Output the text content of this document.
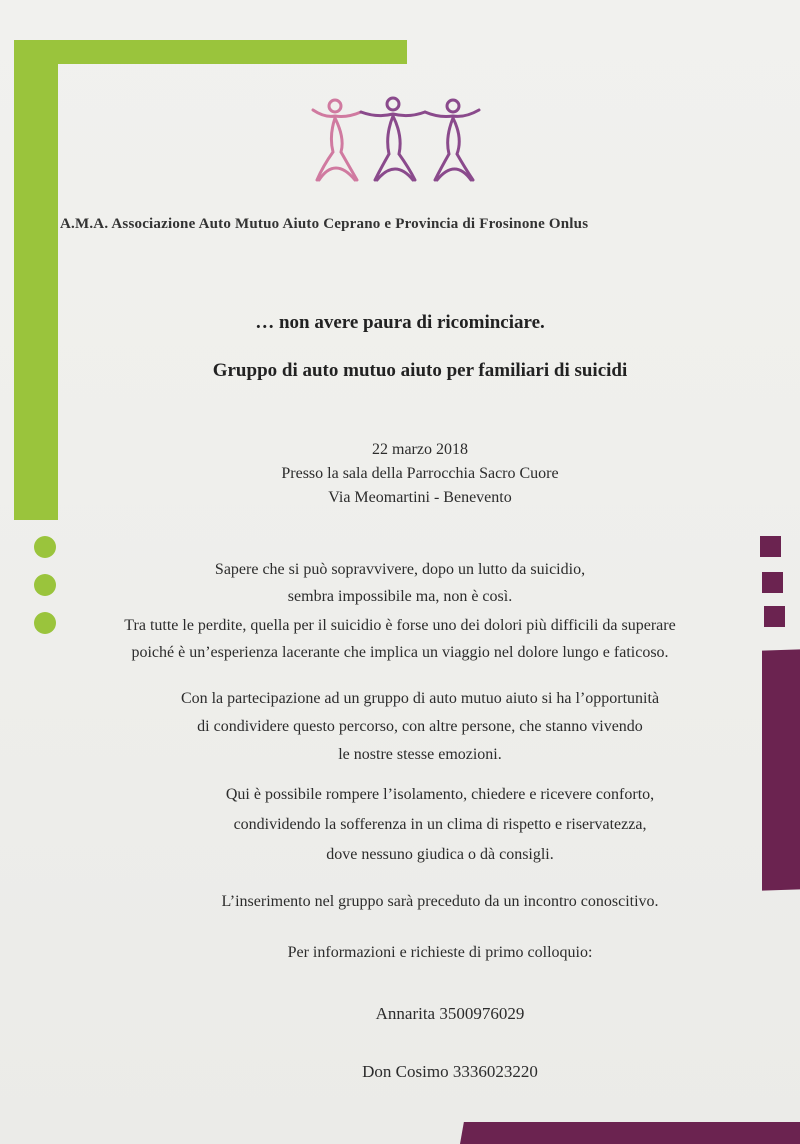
A.M.A. Associazione Auto Mutuo Aiuto Ceprano e Provincia di Frosinone Onlus
… non avere paura di ricominciare.
Gruppo di auto mutuo aiuto per familiari di suicidi
22 marzo 2018
Presso la sala della Parrocchia Sacro Cuore
Via Meomartini - Benevento
Sapere che si può sopravvivere, dopo un lutto da suicidio,
sembra impossibile ma, non è così.
Tra tutte le perdite, quella per il suicidio è forse uno dei dolori più difficili da superare
poiché è un’esperienza lacerante che implica un viaggio nel dolore lungo e faticoso.
Con la partecipazione ad un gruppo di auto mutuo aiuto si ha l’opportunità
di condividere questo percorso, con altre persone, che stanno vivendo
le nostre stesse emozioni.
Qui è possibile rompere l’isolamento, chiedere e ricevere conforto,
condividendo la sofferenza in un clima di rispetto e riservatezza,
dove nessuno giudica o dà consigli.
L’inserimento nel gruppo sarà preceduto da un incontro conoscitivo.
Per informazioni e richieste di primo colloquio:
Annarita 3500976029
Don Cosimo 3336023220
